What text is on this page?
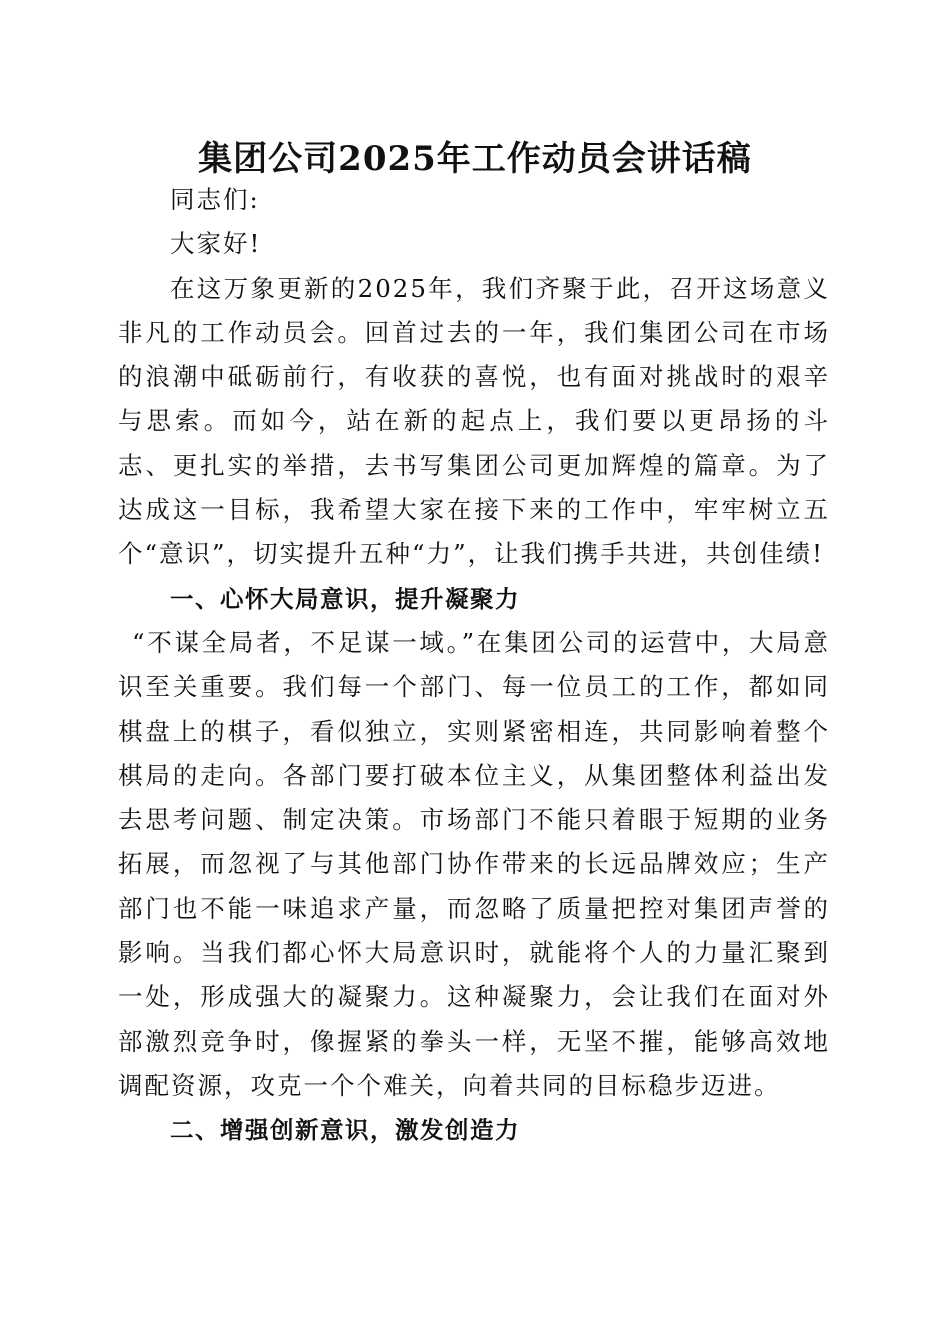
集团公司2025年工作动员会讲话稿

同志们:

大家好!

在这万象更新的2025年，我们齐聚于此，召开这场意义非凡的工作动员会。回首过去的一年，我们集团公司在市场的浪潮中砥砺前行，有收获的喜悦，也有面对挑战时的艰辛与思索。而如今，站在新的起点上，我们要以更昂扬的斗志、更扎实的举措，去书写集团公司更加辉煌的篇章。为了达成这一目标，我希望大家在接下来的工作中，牢牢树立五个“意识”，切实提升五种“力”，让我们携手共进，共创佳绩!

一、心怀大局意识，提升凝聚力

“不谋全局者，不足谋一域。”在集团公司的运营中，大局意识至关重要。我们每一个部门、每一位员工的工作，都如同棋盘上的棋子，看似独立，实则紧密相连，共同影响着整个棋局的走向。各部门要打破本位主义，从集团整体利益出发去思考问题、制定决策。市场部门不能只着眼于短期的业务拓展，而忽视了与其他部门协作带来的长远品牌效应；生产部门也不能一味追求产量，而忽略了质量把控对集团声誉的影响。当我们都心怀大局意识时，就能将个人的力量汇聚到一处，形成强大的凝聚力。这种凝聚力，会让我们在面对外部激烈竞争时，像握紧的拳头一样，无坚不摧，能够高效地调配资源，攻克一个个难关，向着共同的目标稳步迈进。

二、增强创新意识，激发创造力
